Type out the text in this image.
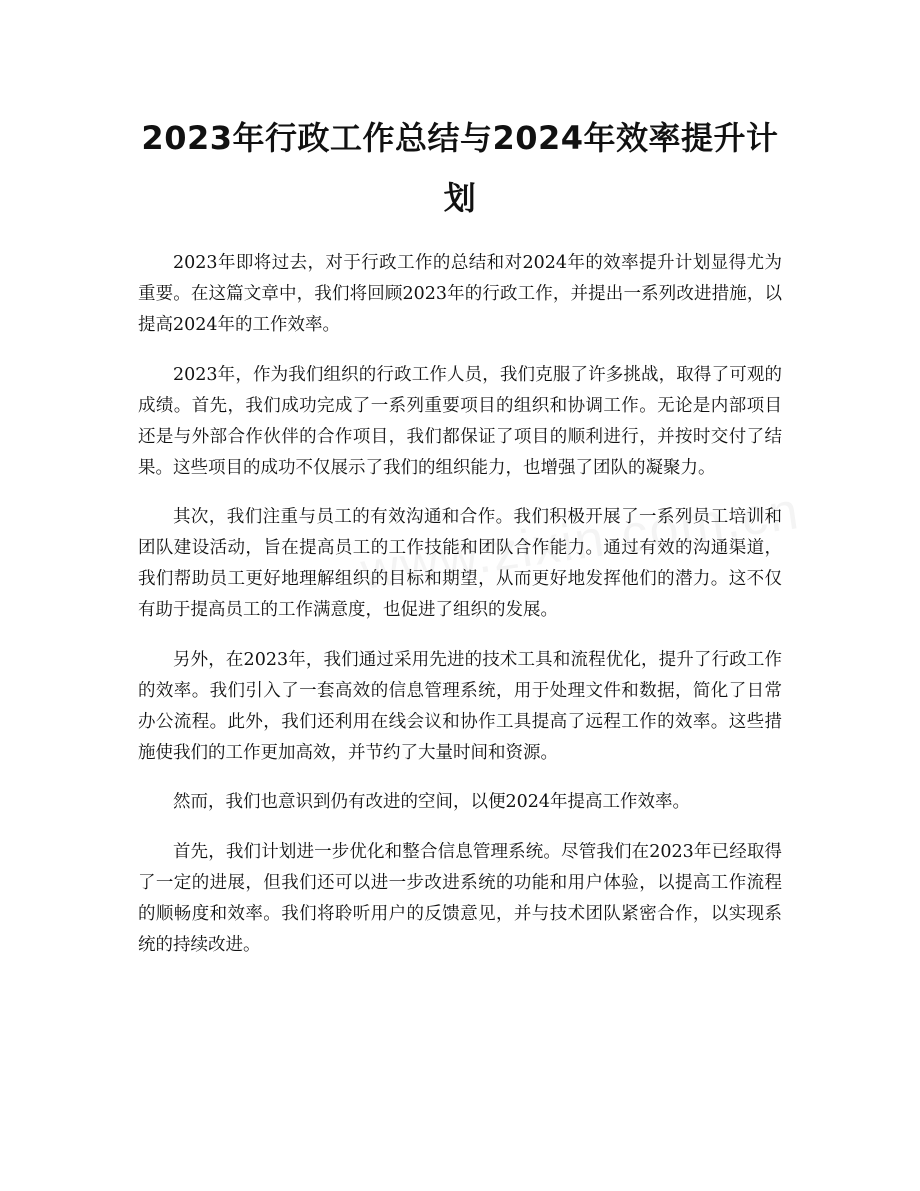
2023年行政工作总结与2024年效率提升计划

2023年即将过去，对于行政工作的总结和对2024年的效率提升计划显得尤为重要。在这篇文章中，我们将回顾2023年的行政工作，并提出一系列改进措施，以提高2024年的工作效率。

2023年，作为我们组织的行政工作人员，我们克服了许多挑战，取得了可观的成绩。首先，我们成功完成了一系列重要项目的组织和协调工作。无论是内部项目还是与外部合作伙伴的合作项目，我们都保证了项目的顺利进行，并按时交付了结果。这些项目的成功不仅展示了我们的组织能力，也增强了团队的凝聚力。

其次，我们注重与员工的有效沟通和合作。我们积极开展了一系列员工培训和团队建设活动，旨在提高员工的工作技能和团队合作能力。通过有效的沟通渠道，我们帮助员工更好地理解组织的目标和期望，从而更好地发挥他们的潜力。这不仅有助于提高员工的工作满意度，也促进了组织的发展。

另外，在2023年，我们通过采用先进的技术工具和流程优化，提升了行政工作的效率。我们引入了一套高效的信息管理系统，用于处理文件和数据，简化了日常办公流程。此外，我们还利用在线会议和协作工具提高了远程工作的效率。这些措施使我们的工作更加高效，并节约了大量时间和资源。

然而，我们也意识到仍有改进的空间，以便2024年提高工作效率。

首先，我们计划进一步优化和整合信息管理系统。尽管我们在2023年已经取得了一定的进展，但我们还可以进一步改进系统的功能和用户体验，以提高工作流程的顺畅度和效率。我们将聆听用户的反馈意见，并与技术团队紧密合作，以实现系统的持续改进。
